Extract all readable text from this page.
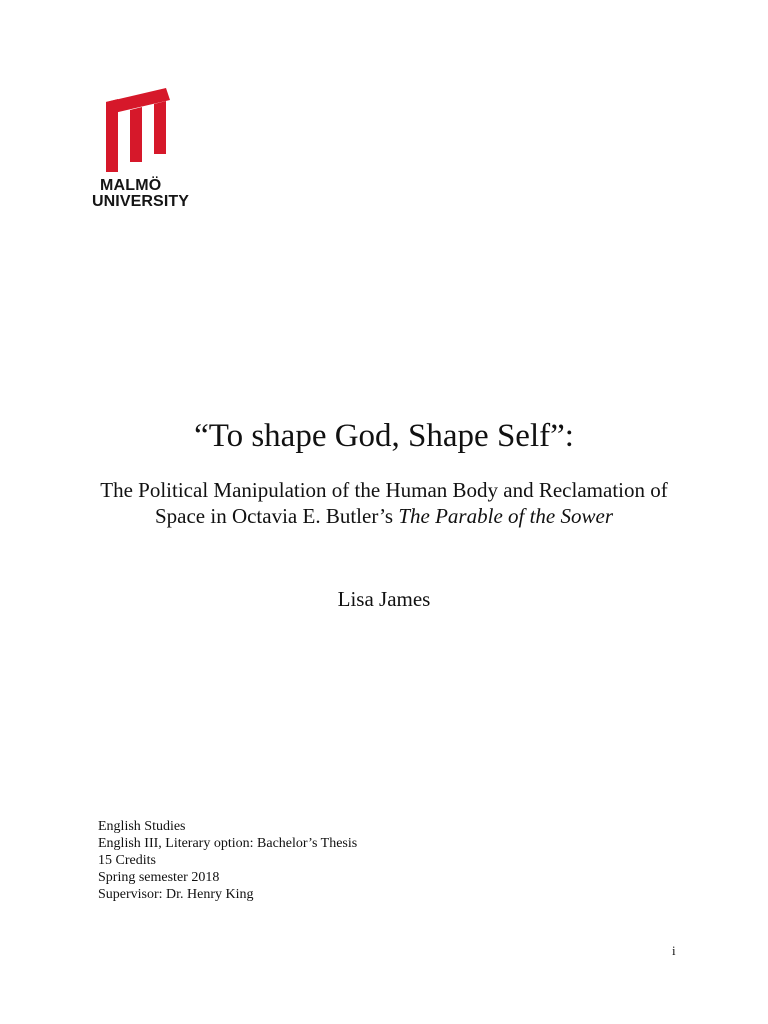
MALMÖ
UNIVERSITY
“To shape God, Shape Self”:
The Political Manipulation of the Human Body and Reclamation of Space in Octavia E. Butler’s The Parable of the Sower
Lisa James
English Studies
English III, Literary option: Bachelor’s Thesis
15 Credits
Spring semester 2018
Supervisor: Dr. Henry King
i
